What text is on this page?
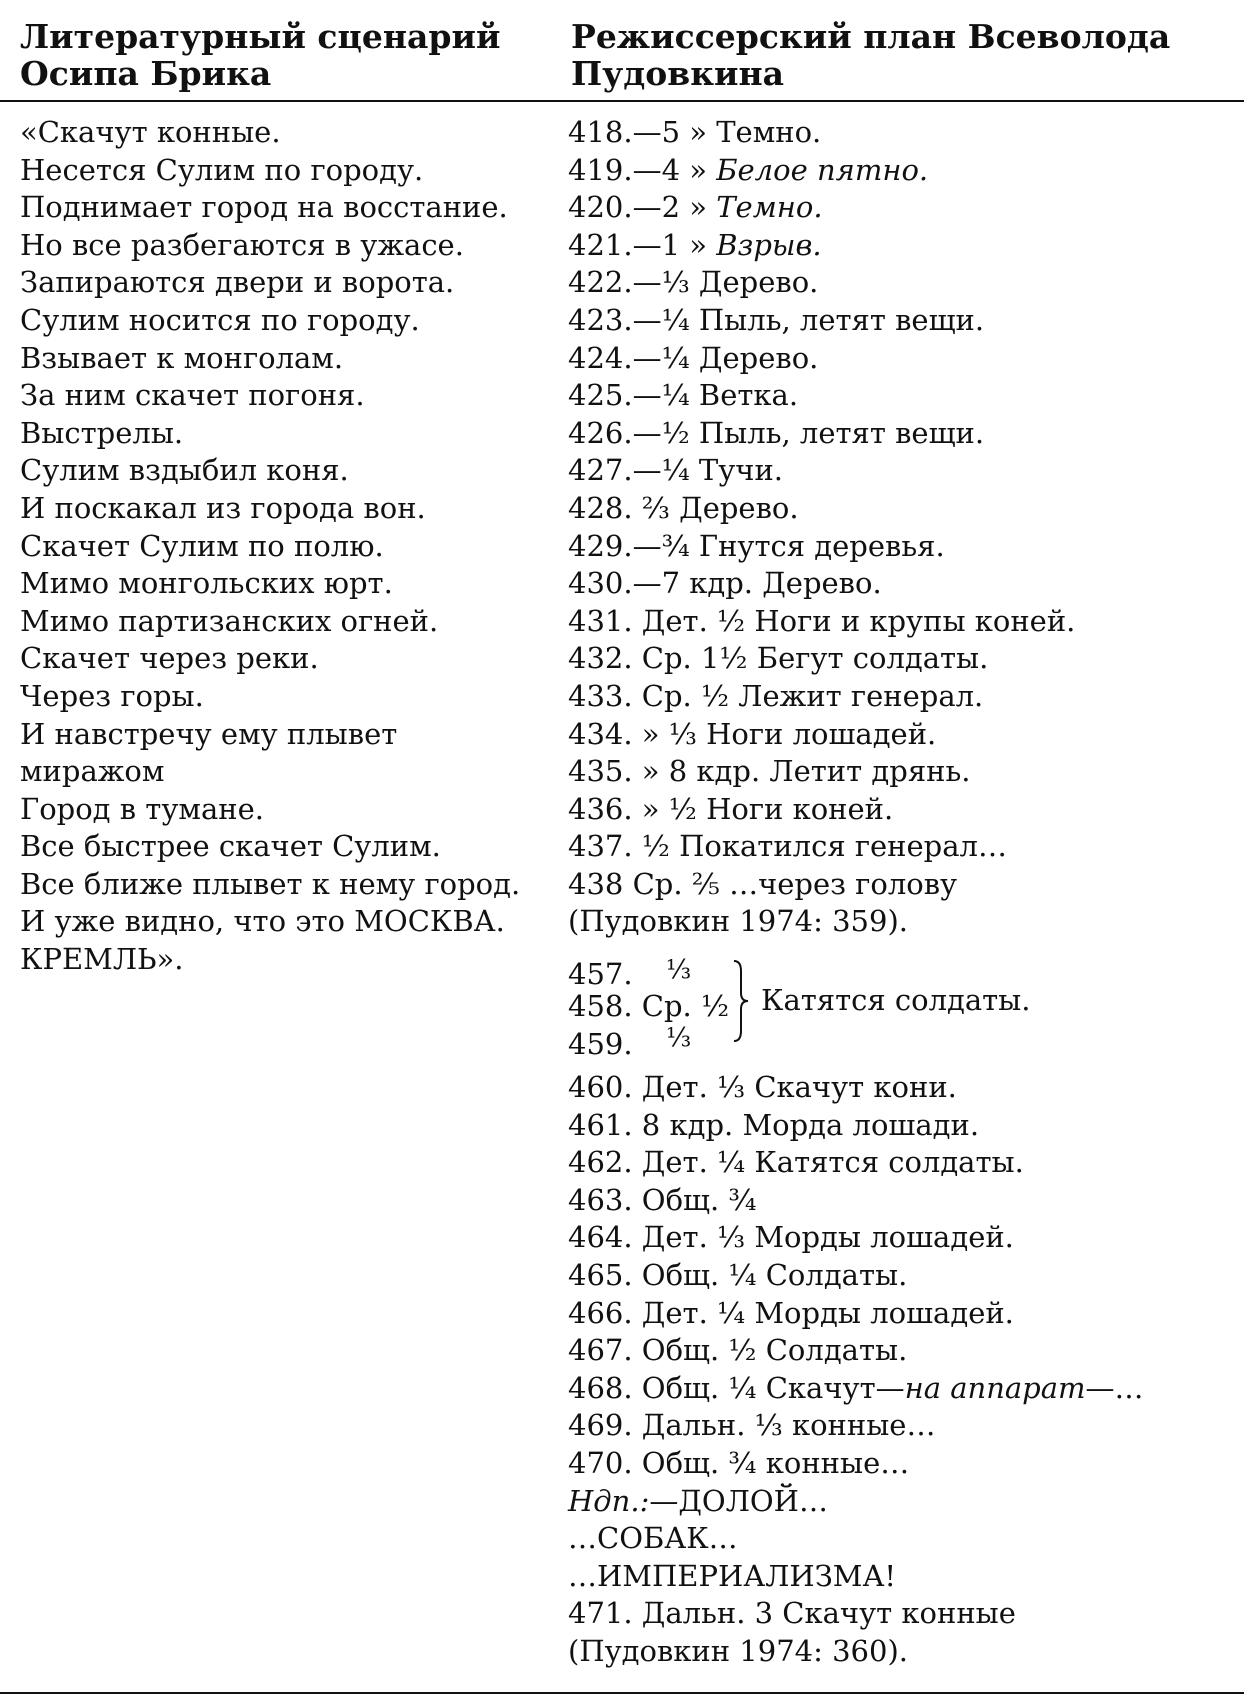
Литературный сценарий
Осипа Брика
Режиссерский план Всеволода
Пудовкина
«Скачут конные.
Несется Сулим по городу.
Поднимает город на восстание.
Но все разбегаются в ужасе.
Запираются двери и ворота.
Сулим носится по городу.
Взывает к монголам.
За ним скачет погоня.
Выстрелы.
Сулим вздыбил коня.
И поскакал из города вон.
Скачет Сулим по полю.
Мимо монгольских юрт.
Мимо партизанских огней.
Скачет через реки.
Через горы.
И навстречу ему плывет
миражом
Город в тумане.
Все быстрее скачет Сулим.
Все ближе плывет к нему город.
И уже видно, что это МОСКВА.
КРЕМЛЬ».
418.—5 » Темно.
419.—4 » Белое пятно.
420.—2 » Темно.
421.—1 » Взрыв.
422.—⅓ Дерево.
423.—¼ Пыль, летят вещи.
424.—¼ Дерево.
425.—¼ Ветка.
426.—½ Пыль, летят вещи.
427.—¼ Тучи.
428. ⅔ Дерево.
429.—¾ Гнутся деревья.
430.—7 кдр. Дерево.
431. Дет. ½ Ноги и крупы коней.
432. Ср. 1½ Бегут солдаты.
433. Ср. ½ Лежит генерал.
434. » ⅓ Ноги лошадей.
435. » 8 кдр. Летит дрянь.
436. » ½ Ноги коней.
437. ½ Покатился генерал…
438 Ср. ⅖ …через голову
(Пудовкин 1974: 359).
457. ⅓
458. Ср. ½
459. ⅓
Катятся солдаты.
460. Дет. ⅓ Скачут кони.
461. 8 кдр. Морда лошади.
462. Дет. ¼ Катятся солдаты.
463. Общ. ¾
464. Дет. ⅓ Морды лошадей.
465. Общ. ¼ Солдаты.
466. Дет. ¼ Морды лошадей.
467. Общ. ½ Солдаты.
468. Общ. ¼ Скачут—на аппарат—…
469. Дальн. ⅓ конные…
470. Общ. ¾ конные…
Ндп.:—ДОЛОЙ…
…СОБАК…
…ИМПЕРИАЛИЗМА!
471. Дальн. 3 Скачут конные
(Пудовкин 1974: 360).
